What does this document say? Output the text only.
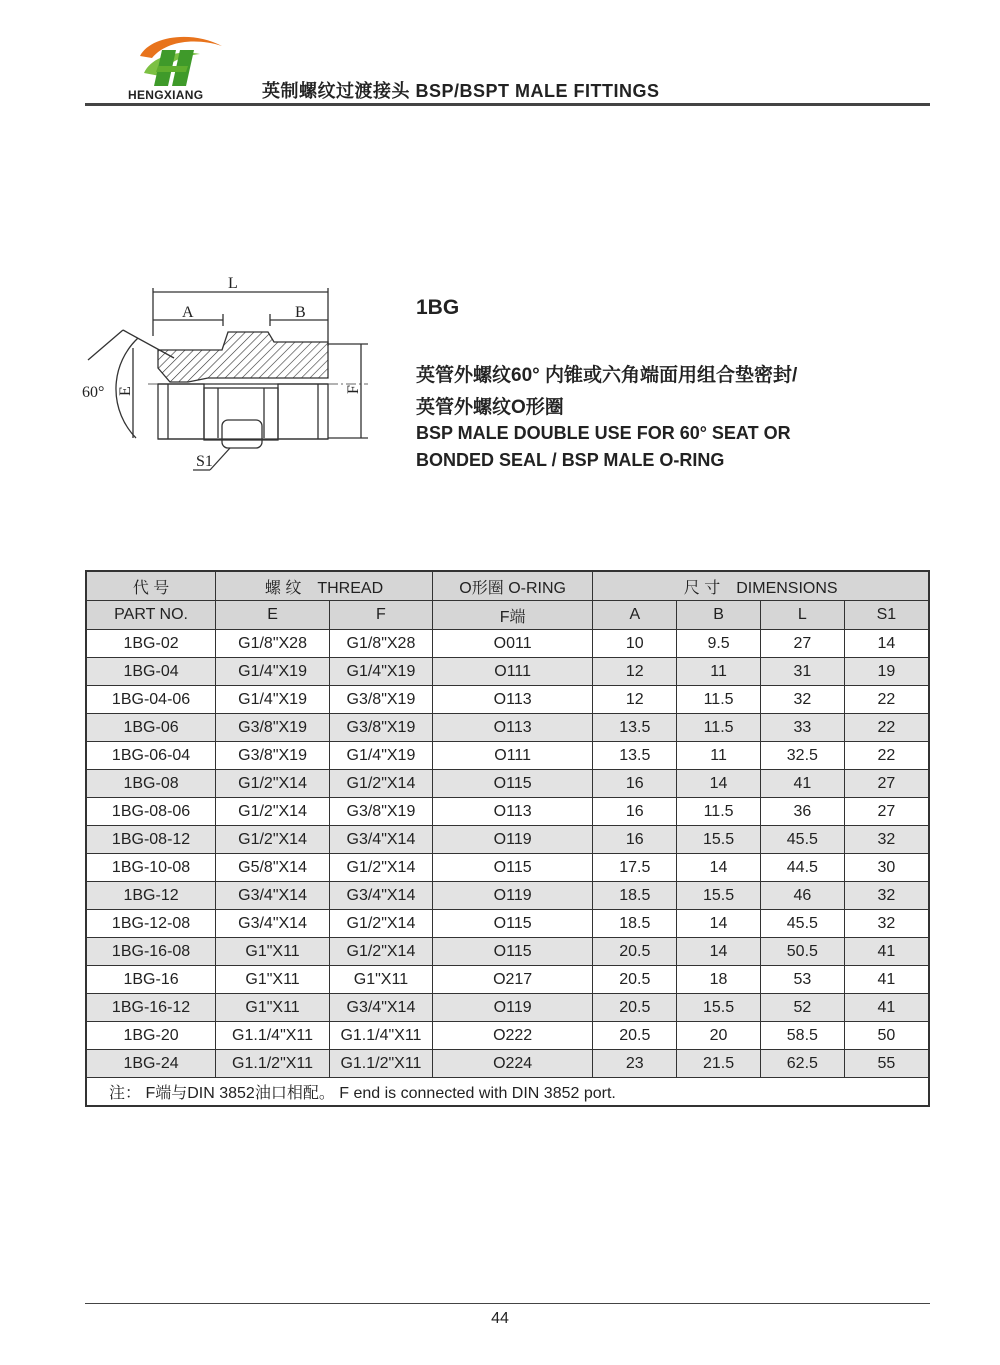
HENGXIANG	英制螺纹过渡接头 BSP/BSPT MALE FITTINGS
L
A	B
60° E	F
S1
1BG
英管外螺纹60° 内锥或六角端面用组合垫密封/
英管外螺纹O形圈
BSP MALE DOUBLE USE FOR 60° SEAT OR
BONDED SEAL / BSP MALE O-RING
代 号	螺 纹　THREAD		O形圈 O-RING	尺 寸　DIMENSIONS			
PART NO.	E	F	F端	A	B	L	S1
1BG-02	G1/8"X28	G1/8"X28	O011	10	9.5	27	14
1BG-04	G1/4"X19	G1/4"X19	O111	12	11	31	19
1BG-04-06	G1/4"X19	G3/8"X19	O113	12	11.5	32	22
1BG-06	G3/8"X19	G3/8"X19	O113	13.5	11.5	33	22
1BG-06-04	G3/8"X19	G1/4"X19	O111	13.5	11	32.5	22
1BG-08	G1/2"X14	G1/2"X14	O115	16	14	41	27
1BG-08-06	G1/2"X14	G3/8"X19	O113	16	11.5	36	27
1BG-08-12	G1/2"X14	G3/4"X14	O119	16	15.5	45.5	32
1BG-10-08	G5/8"X14	G1/2"X14	O115	17.5	14	44.5	30
1BG-12	G3/4"X14	G3/4"X14	O119	18.5	15.5	46	32
1BG-12-08	G3/4"X14	G1/2"X14	O115	18.5	14	45.5	32
1BG-16-08	G1"X11	G1/2"X14	O115	20.5	14	50.5	41
1BG-16	G1"X11	G1"X11	O217	20.5	18	53	41
1BG-16-12	G1"X11	G3/4"X14	O119	20.5	15.5	52	41
1BG-20	G1.1/4"X11	G1.1/4"X11	O222	20.5	20	58.5	50
1BG-24	G1.1/2"X11	G1.1/2"X11	O224	23	21.5	62.5	55
注： F端与DIN 3852油口相配。 F end is connected with DIN 3852 port.							
44
